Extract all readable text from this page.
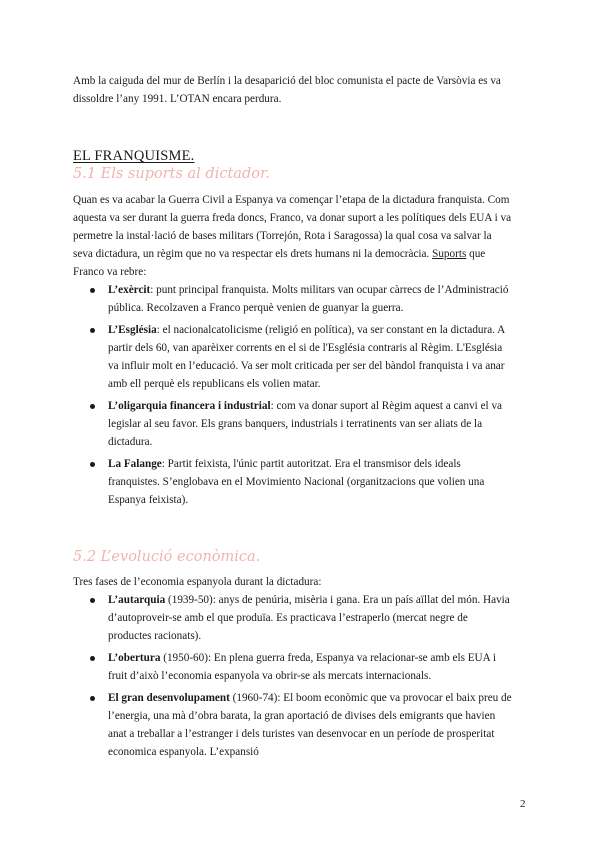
Amb la caiguda del mur de Berlín i la desaparició del bloc comunista el pacte de Varsòvia es va dissoldre l’any 1991. L’OTAN encara perdura.

EL FRANQUISME.
5.1 Els suports al dictador.

Quan es va acabar la Guerra Civil a Espanya va començar l’etapa de la dictadura franquista. Com aquesta va ser durant la guerra freda doncs, Franco, va donar suport a les polítiques dels EUA i va permetre la instal·lació de bases militars (Torrejón, Rota i Saragossa) la qual cosa va salvar la seva dictadura, un règim que no va respectar els drets humans ni la democràcia. Suports que Franco va rebre:

L’exèrcit: punt principal franquista. Molts militars van ocupar càrrecs de l’Administració pública. Recolzaven a Franco perquè venien de guanyar la guerra.
L’Església: el nacionalcatolicisme (religió en política), va ser constant en la dictadura. A partir dels 60, van aparèixer corrents en el si de l'Església contraris al Règim. L'Església va influir molt en l’educació. Va ser molt criticada per ser del bàndol franquista i va anar amb ell perquè els republicans els volien matar.
L’oligarquia financera i industrial: com va donar suport al Règim aquest a canvi el va legislar al seu favor. Els grans banquers, industrials i terratinents van ser aliats de la dictadura.
La Falange: Partit feixista, l'únic partit autoritzat. Era el transmisor dels ideals franquistes. S’englobava en el Movimiento Nacional (organitzacions que volien una Espanya feixista).
5.2 L’evolució econòmica.

Tres fases de l’economia espanyola durant la dictadura:

L’autarquia (1939-50): anys de penúria, misèria i gana. Era un país aïllat del món. Havia d’autoproveir-se amb el que produïa. Es practicava l’estraperlo (mercat negre de productes racionats).
L’obertura (1950-60): En plena guerra freda, Espanya va relacionar-se amb els EUA i fruit d’això l’economia espanyola va obrir-se als mercats internacionals.
El gran desenvolupament (1960-74): El boom econòmic que va provocar el baix preu de l’energia, una mà d’obra barata, la gran aportació de divises dels emigrants que havien anat a treballar a l’estranger i dels turistes van desenvocar en un període de prosperitat economica espanyola. L’expansió
2
